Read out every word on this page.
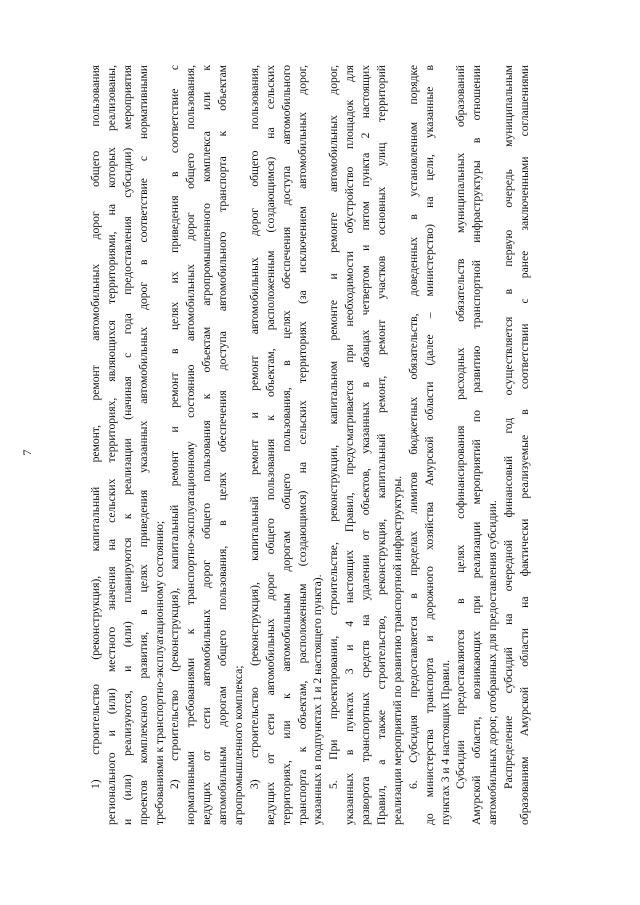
7	1) строительство (реконструкция), капитальный ремонт, ремонт автомобильных дорог общего пользования регионального и (или) местного значения на сельских территориях, являющихся территориями, на которых реализованы, и (или) реализуются, и (или) планируются к реализации (начиная с года предоставления субсидии) мероприятия проектов комплексного развития, в целях приведения указанных автомобильных дорог в соответствие с нормативными требованиями к транспортно-эксплуатационному состоянию; 2) строительство (реконструкция), капитальный ремонт и ремонт в целях их приведения в соответствие с нормативными требованиями к транспортно-эксплуатационному состоянию автомобильных дорог общего пользования, ведущих от сети автомобильных дорог общего пользования к объектам агропромышленного комплекса или к автомобильным дорогам общего пользования, в целях обеспечения доступа автомобильного транспорта к объектам агропромышленного комплекса; 3) строительство (реконструкция), капитальный ремонт и ремонт автомобильных дорог общего пользования, ведущих от сети автомобильных дорог общего пользования к объектам, расположенным (создающимся) на сельских территориях, или к автомобильным дорогам общего пользования, в целях обеспечения доступа автомобильного транспорта к объектам, расположенным (создающимся) на сельских территориях (за исключением автомобильных дорог, указанных в подпунктах 1 и 2 настоящего пункта). 5. При проектировании, строительстве, реконструкции, капитальном ремонте и ремонте автомобильных дорог, указанных в пунктах 3 и 4 настоящих Правил, предусматривается при необходимости обустройство площадок для разворота транспортных средств на удалении от объектов, указанных в абзацах четвертом и пятом пункта 2 настоящих Правил, а также строительство, реконструкция, капитальный ремонт, ремонт участков основных улиц территорий реализации мероприятий по развитию транспортной инфраструктуры. 6. Субсидия предоставляется в пределах лимитов бюджетных обязательств, доведенных в установленном порядке до министерства транспорта и дорожного хозяйства Амурской области (далее – министерство) на цели, указанные в пунктах 3 и 4 настоящих Правил. Субсидии предоставляются в целях софинансирования расходных обязательств муниципальных образований Амурской области, возникающих при реализации мероприятий по развитию транспортной инфраструктуры в отношении автомобильных дорог, отобранных для предоставления субсидии. Распределение субсидий на очередной финансовый год осуществляется в первую очередь муниципальным образованиям Амурской области на фактически реализуемые в соответствии с ранее заключенными соглашениями
